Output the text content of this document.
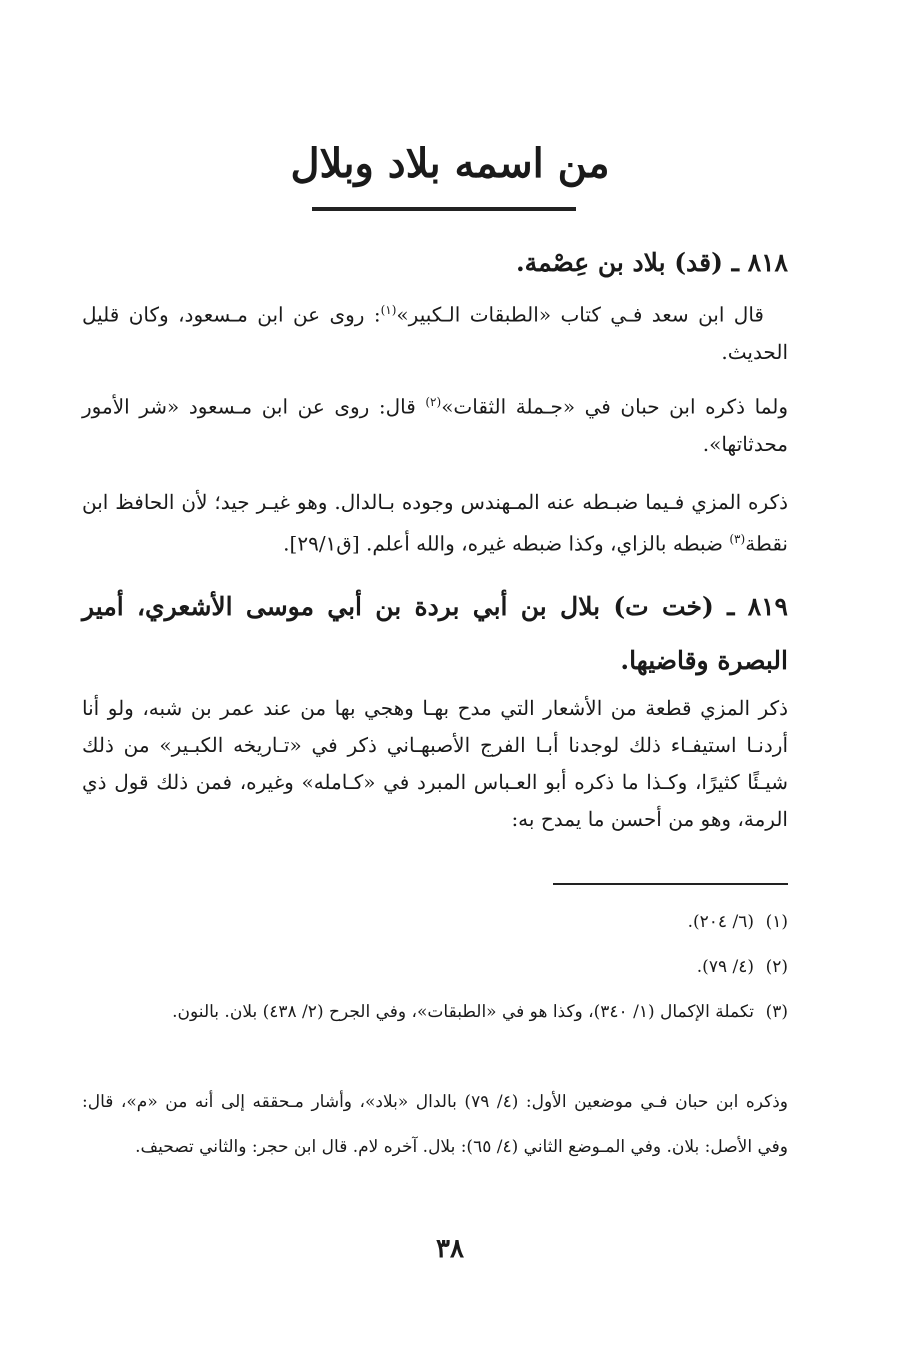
من اسمه بلاد وبلال
٨١٨ ـ (قد) بلاد بن عِصْمة.
قال ابن سعد فـي كتاب «الطبقات الـكبير»$^{(١)}$: روى عن ابن مـسعود، وكان قليل الحديث.
ولما ذكره ابن حبان في «جـملة الثقات»$^{(٢)}$ قال: روى عن ابن مـسعود «شر الأمور محدثاتها».
ذكره المزي فـيما ضبـطه عنه المـهندس وجوده بـالدال. وهو غيـر جيد؛ لأن الحافظ ابن نقطة$^{(٣)}$ ضبطه بالزاي، وكذا ضبطه غيره، والله أعلم. [ق٢٩/١].
٨١٩ ـ (خت ت) بلال بن أبي بردة بن أبي موسى الأشعري، أمير البصرة وقاضيها.
ذكر المزي قطعة من الأشعار التي مدح بهـا وهجي بها من عند عمر بن شبه، ولو أنا أردنـا استيفـاء ذلك لوجدنا أبـا الفرج الأصبهـاني ذكر في «تـاريخه الكبـير» من ذلك شيـئًا كثيرًا، وكـذا ما ذكره أبو العـباس المبرد في «كـامله» وغيره، فمن ذلك قول ذي الرمة، وهو من أحسن ما يمدح به:
(١)(٦/ ٢٠٤).
(٢)(٤/ ٧٩).
(٣)تكملة الإكمال (١/ ٣٤٠)، وكذا هو في «الطبقات»، وفي الجرح (٢/ ٤٣٨) بلان. بالنون.
وذكره ابن حبان فـي موضعين الأول: (٤/ ٧٩) بالدال «بلاد»، وأشار مـحققه إلى أنه من «م»، قال: وفي الأصل: بلان. وفي المـوضع الثاني (٤/ ٦٥): بلال. آخره لام. قال ابن حجر: والثاني تصحيف.
٣٨
